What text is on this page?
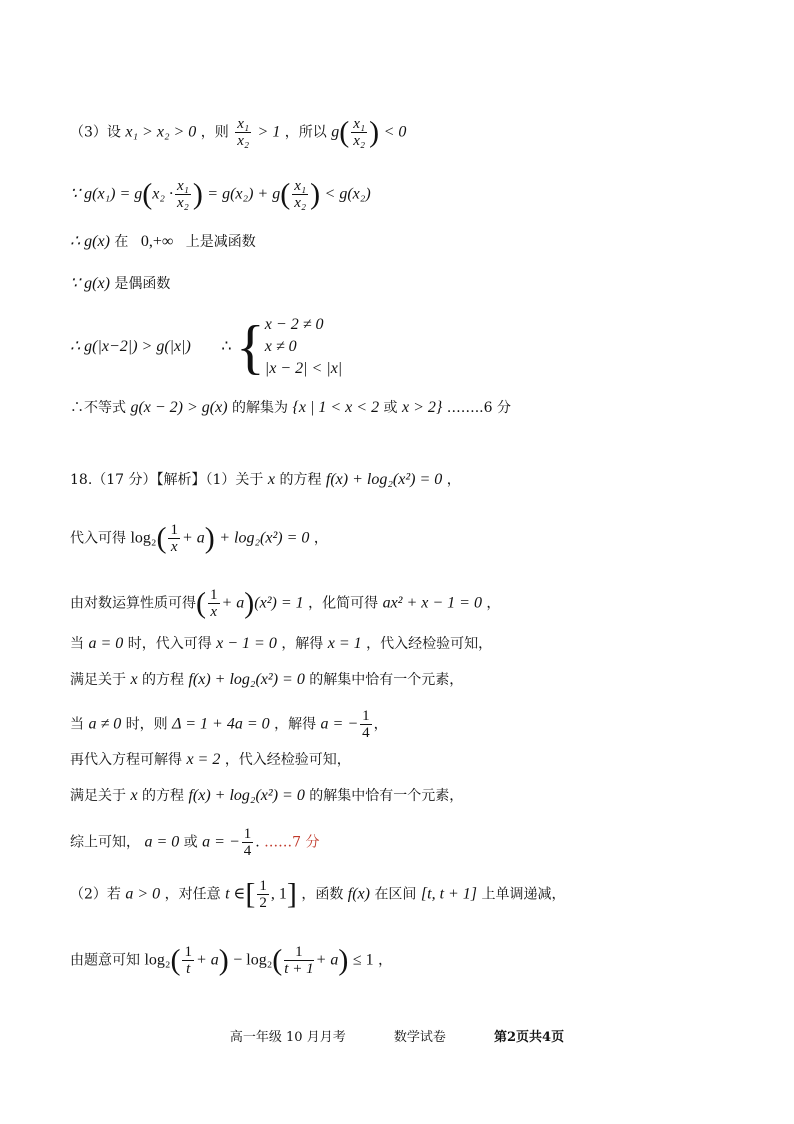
（3）设 x₁ > x₂ > 0 ，则 $\frac{\text{x₁}}{\text{x₂}} > 1$ ，所以 $g( \frac{\text{x₁}}{\text{x₂}}$ ) < 0
∵ $g(x_1) = g(x_2 \cdot \frac{\text{x₁}}{\text{x₂}}$ ) = $g(x_2) + g( \frac{\text{x₁}}{\text{x₂}}$ ) < g(x₂)
∴ g(x) 在 0,+∞ 上是减函数
∵ g(x) 是偶函数
∴ g(|x−2|) > g(|x|) ∴ { x − 2 ≠ 0
x ≠ 0
|x − 2| < |x|
∴不等式 g(x − 2) > g(x) 的解集为 {x | 1 < x < 2 或 x > 2} ……..6 分
18.（17 分）【解析】（1）关于 x 的方程 f(x) + log₂(x²) = 0 ，
代入可得 $\log_2( \frac{1}{x} + a) + \log_2(x^2) = 0$ ，
由对数运算性质可得( $\frac{1}{x} + a)(x^2) = 1$ ，化简可得 ax² + x − 1 = 0 ，
当 a = 0 时，代入可得 x − 1 = 0 ，解得 x = 1 ，代入经检验可知，
满足关于 x 的方程 f(x) + log₂(x²) = 0 的解集中恰有一个元素，
当 a ≠ 0 时，则 Δ = 1 + 4a = 0 ，解得 a = − $\frac{1}{4}$ ，
再代入方程可解得 x = 2 ，代入经检验可知，
满足关于 x 的方程 f(x) + log₂(x²) = 0 的解集中恰有一个元素，
综上可知， a = 0 或 a = − $\frac{1}{4}$ . ……7 分
（2）若 a > 0 ，对任意 t ∈[ $\frac{1}{2}$ , 1] ，函数 f(x) 在区间 [t, t + 1] 上单调递减，
由题意可知 $\log_2( \frac{1}{t} + a) - \log_2( \frac{1}{t + 1} + a) \le 1$ ，
高一年级 10 月月考	数学试卷	第2页共4页
